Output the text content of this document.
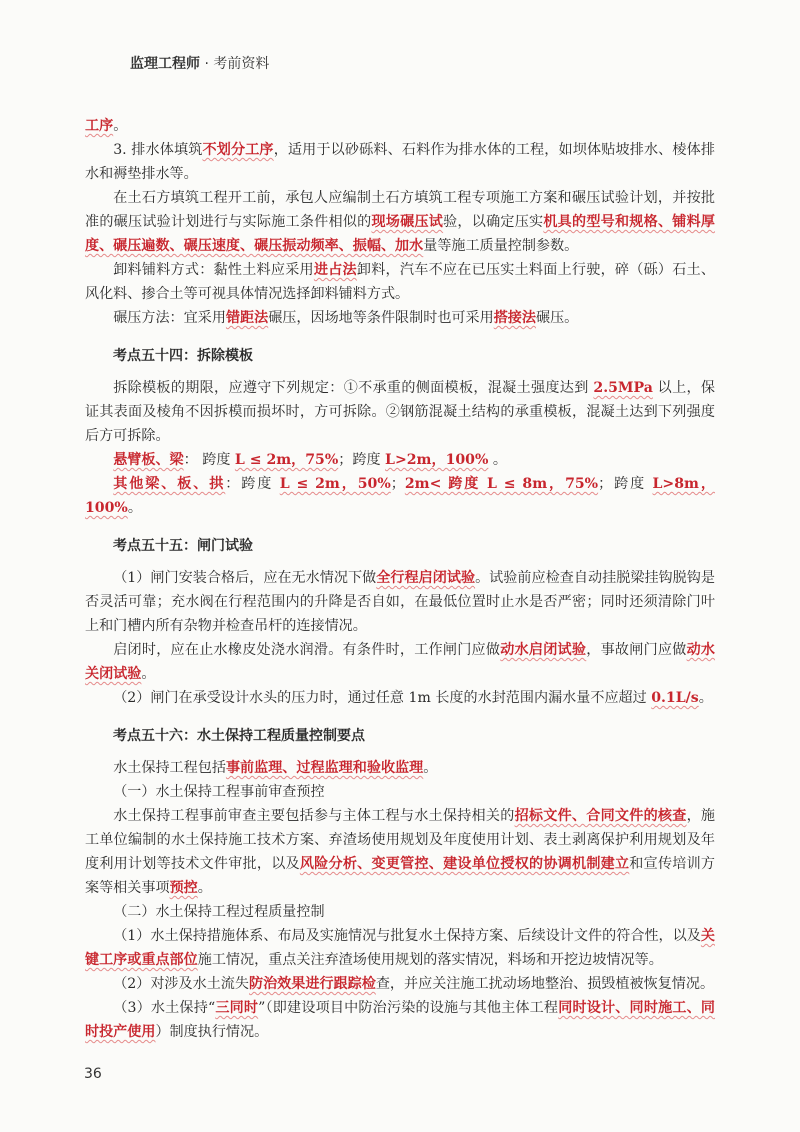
监理工程师 · 考前资料
工序。
3. 排水体填筑不划分工序，适用于以砂砾料、石料作为排水体的工程，如坝体贴坡排水、棱体排水和褥垫排水等。
在土石方填筑工程开工前，承包人应编制土石方填筑工程专项施工方案和碾压试验计划，并按批准的碾压试验计划进行与实际施工条件相似的现场碾压试验，以确定压实机具的型号和规格、铺料厚度、碾压遍数、碾压速度、碾压振动频率、振幅、加水量等施工质量控制参数。
卸料铺料方式：黏性土料应采用进占法卸料，汽车不应在已压实土料面上行驶，碎（砾）石土、风化料、掺合土等可视具体情况选择卸料铺料方式。
碾压方法：宜采用错距法碾压，因场地等条件限制时也可采用搭接法碾压。
考点五十四：拆除模板
拆除模板的期限，应遵守下列规定：①不承重的侧面模板，混凝土强度达到 2.5MPa 以上，保证其表面及棱角不因拆模而损坏时，方可拆除。②钢筋混凝土结构的承重模板，混凝土达到下列强度后方可拆除。
悬臂板、梁： 跨度 L ≤ 2m，75%；跨度 L>2m，100% 。
其他梁、板、拱：跨度 L ≤ 2m，50%；2m< 跨度 L ≤ 8m，75%；跨度 L>8m，100%。
考点五十五：闸门试验
（1）闸门安装合格后，应在无水情况下做全行程启闭试验。试验前应检查自动挂脱梁挂钩脱钩是否灵活可靠；充水阀在行程范围内的升降是否自如，在最低位置时止水是否严密；同时还须清除门叶上和门槽内所有杂物并检查吊杆的连接情况。
启闭时，应在止水橡皮处浇水润滑。有条件时，工作闸门应做动水启闭试验，事故闸门应做动水关闭试验。
（2）闸门在承受设计水头的压力时，通过任意 1m 长度的水封范围内漏水量不应超过 0.1L/s。
考点五十六：水土保持工程质量控制要点
水土保持工程包括事前监理、过程监理和验收监理。
（一）水土保持工程事前审查预控
水土保持工程事前审查主要包括参与主体工程与水土保持相关的招标文件、合同文件的核查，施工单位编制的水土保持施工技术方案、弃渣场使用规划及年度使用计划、表土剥离保护利用规划及年度利用计划等技术文件审批，以及风险分析、变更管控、建设单位授权的协调机制建立和宣传培训方案等相关事项预控。
（二）水土保持工程过程质量控制
（1）水土保持措施体系、布局及实施情况与批复水土保持方案、后续设计文件的符合性，以及关键工序或重点部位施工情况，重点关注弃渣场使用规划的落实情况，料场和开挖边坡情况等。
（2）对涉及水土流失防治效果进行跟踪检查，并应关注施工扰动场地整治、损毁植被恢复情况。
（3）水土保持“三同时”（即建设项目中防治污染的设施与其他主体工程同时设计、同时施工、同时投产使用）制度执行情况。
36
